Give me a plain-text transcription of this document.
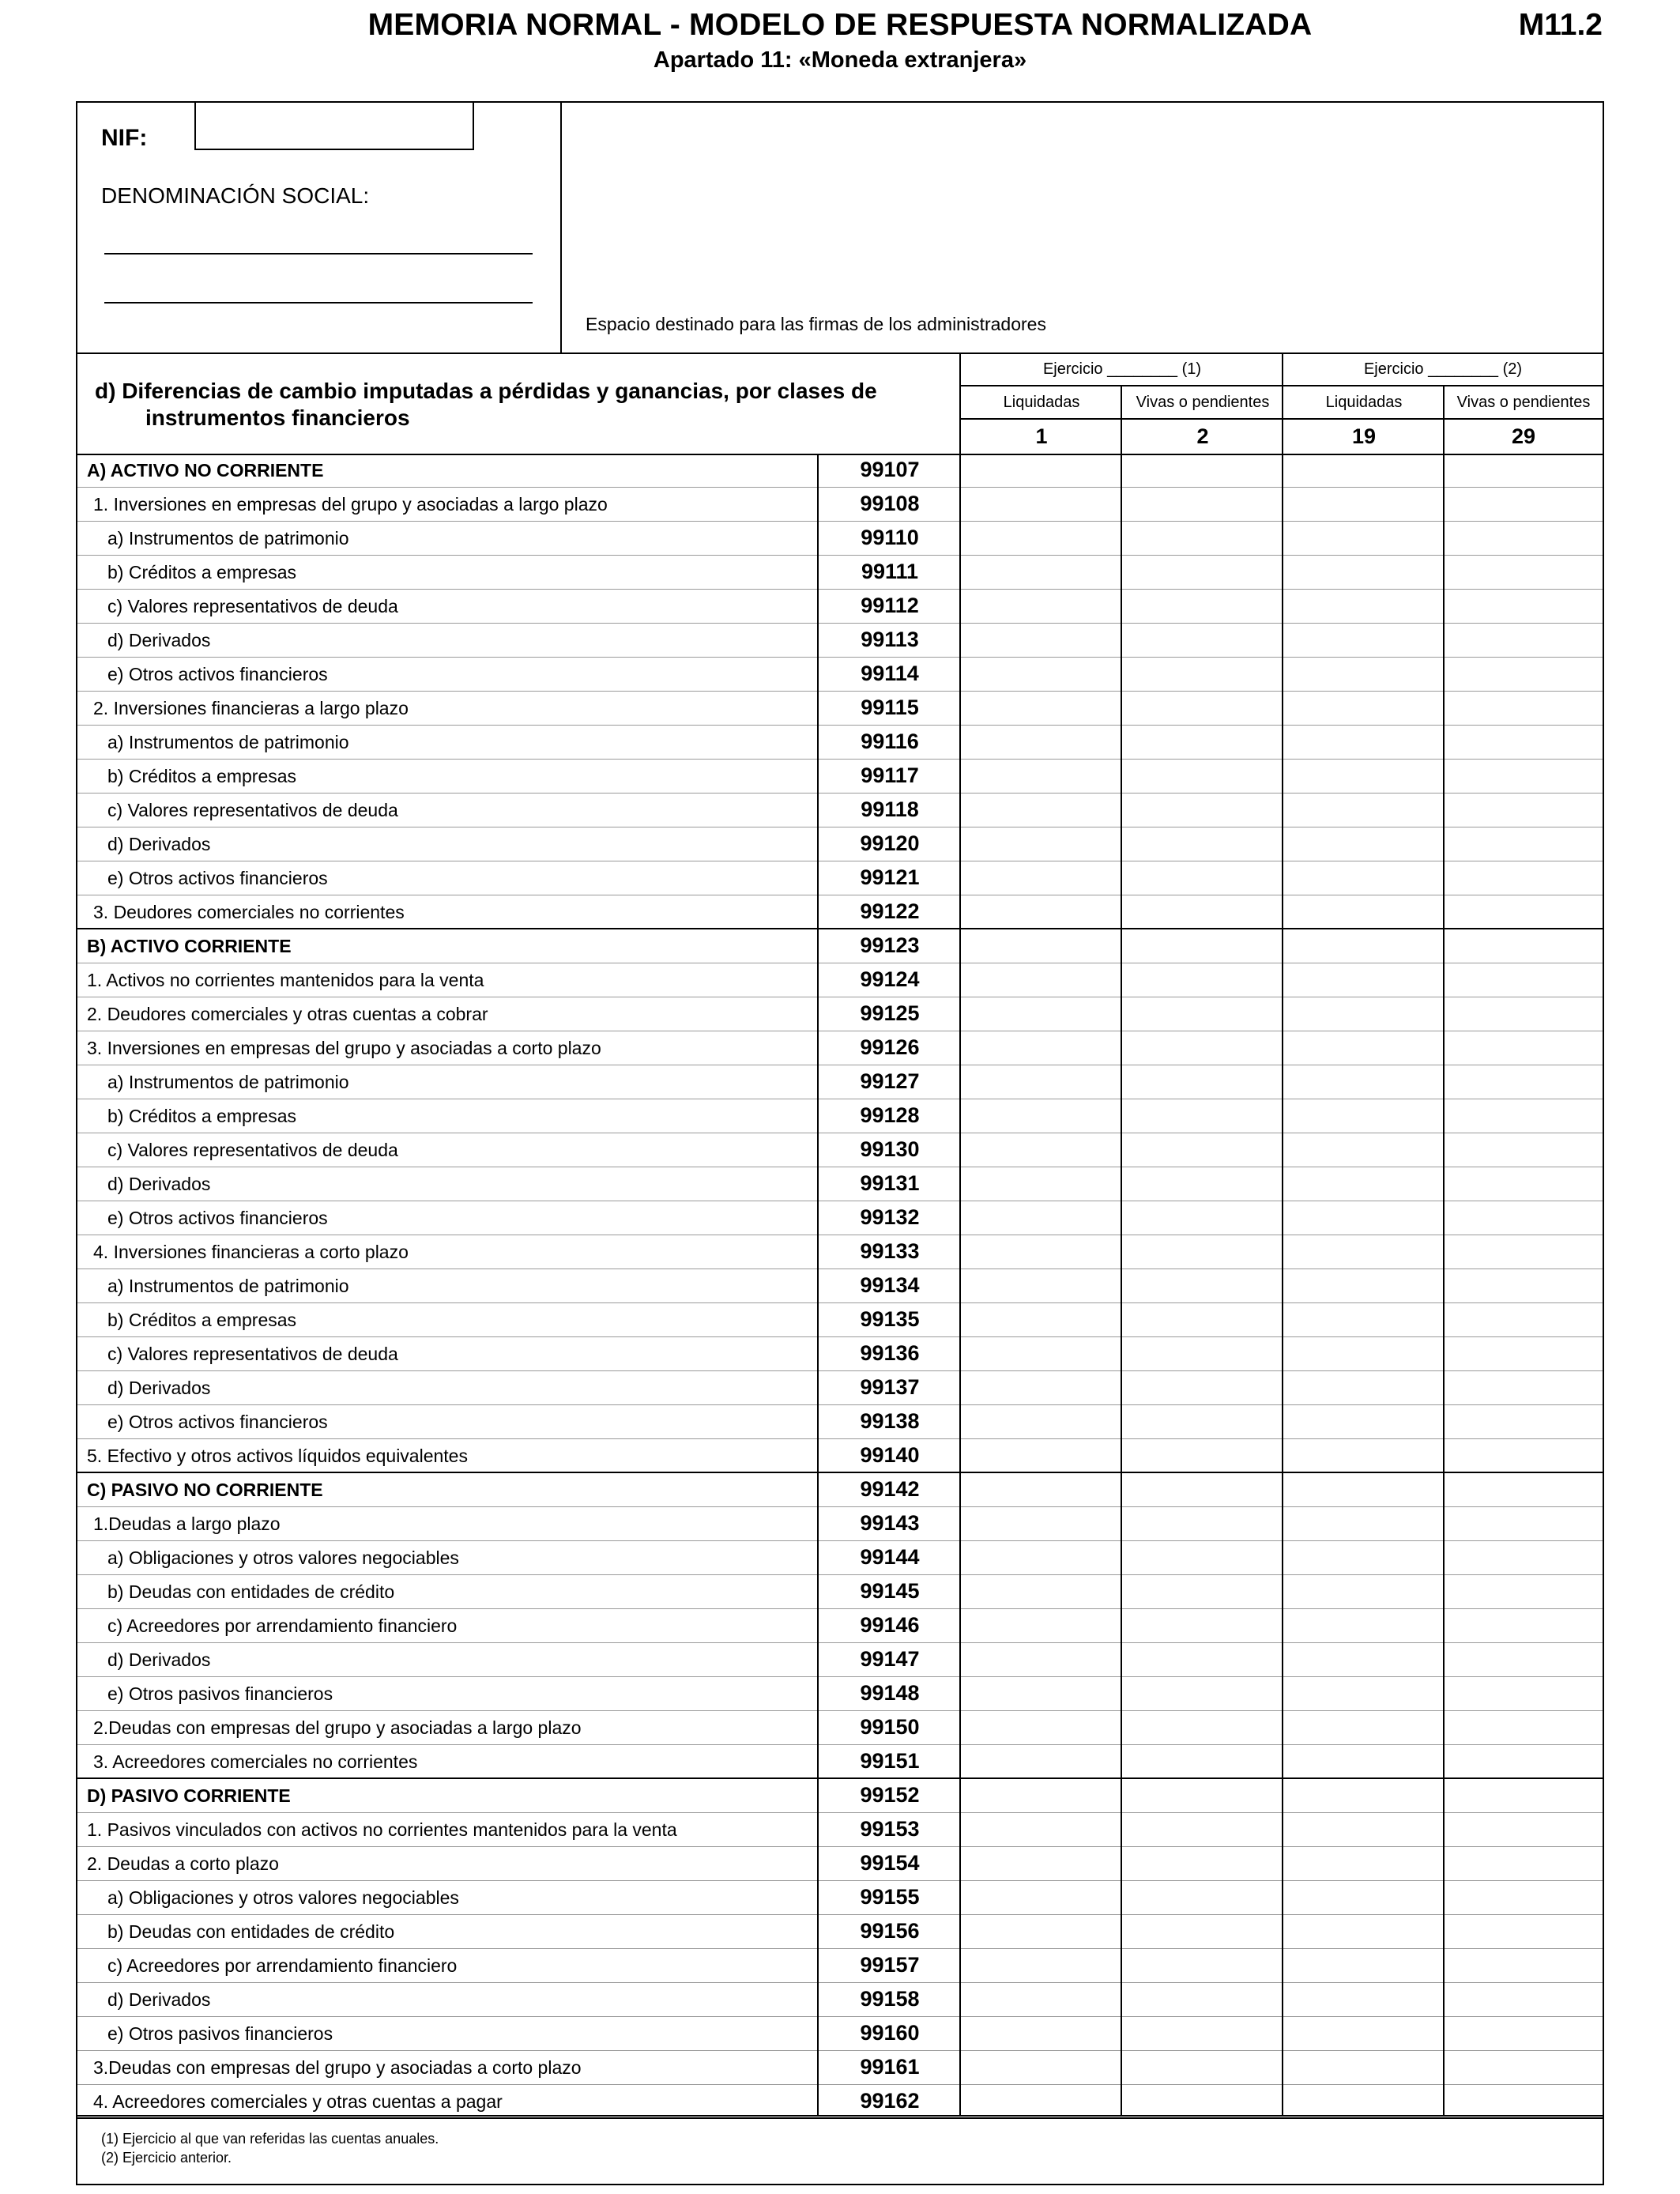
MEMORIA NORMAL - MODELO DE RESPUESTA NORMALIZADA	M11.2
Apartado 11: «Moneda extranjera»
NIF:
DENOMINACIÓN SOCIAL:
Espacio destinado para las firmas de los administradores
d) Diferencias de cambio imputadas a pérdidas y ganancias, por clases de
instrumentos financieros
Ejercicio ________ (1)	Ejercicio ________ (2)
Liquidadas	Vivas o pendientes	Liquidadas	Vivas o pendientes
1	2	19	29
A) ACTIVO NO CORRIENTE	99107
1. Inversiones en empresas del grupo y asociadas a largo plazo	99108
a) Instrumentos de patrimonio	99110
b) Créditos a empresas	99111
c) Valores representativos de deuda	99112
d) Derivados	99113
e) Otros activos financieros	99114
2. Inversiones financieras a largo plazo	99115
a) Instrumentos de patrimonio	99116
b) Créditos a empresas	99117
c) Valores representativos de deuda	99118
d) Derivados	99120
e) Otros activos financieros	99121
3. Deudores comerciales no corrientes	99122
B) ACTIVO CORRIENTE	99123
1. Activos no corrientes mantenidos para la venta	99124
2. Deudores comerciales y otras cuentas a cobrar	99125
3. Inversiones en empresas del grupo y asociadas a corto plazo	99126
a) Instrumentos de patrimonio	99127
b) Créditos a empresas	99128
c) Valores representativos de deuda	99130
d) Derivados	99131
e) Otros activos financieros	99132
4. Inversiones financieras a corto plazo	99133
a) Instrumentos de patrimonio	99134
b) Créditos a empresas	99135
c) Valores representativos de deuda	99136
d) Derivados	99137
e) Otros activos financieros	99138
5. Efectivo y otros activos líquidos equivalentes	99140
C) PASIVO NO CORRIENTE	99142
1.Deudas a largo plazo	99143
a) Obligaciones y otros valores negociables	99144
b) Deudas con entidades de crédito	99145
c) Acreedores por arrendamiento financiero	99146
d) Derivados	99147
e) Otros pasivos financieros	99148
2.Deudas con empresas del grupo y asociadas a largo plazo	99150
3. Acreedores comerciales no corrientes	99151
D) PASIVO CORRIENTE	99152
1. Pasivos vinculados con activos no corrientes mantenidos para la venta	99153
2. Deudas a corto plazo	99154
a) Obligaciones y otros valores negociables	99155
b) Deudas con entidades de crédito	99156
c) Acreedores por arrendamiento financiero	99157
d) Derivados	99158
e) Otros pasivos financieros	99160
3.Deudas con empresas del grupo y asociadas a corto plazo	99161
4. Acreedores comerciales y otras cuentas a pagar	99162
(1) Ejercicio al que van referidas las cuentas anuales.
(2) Ejercicio anterior.
